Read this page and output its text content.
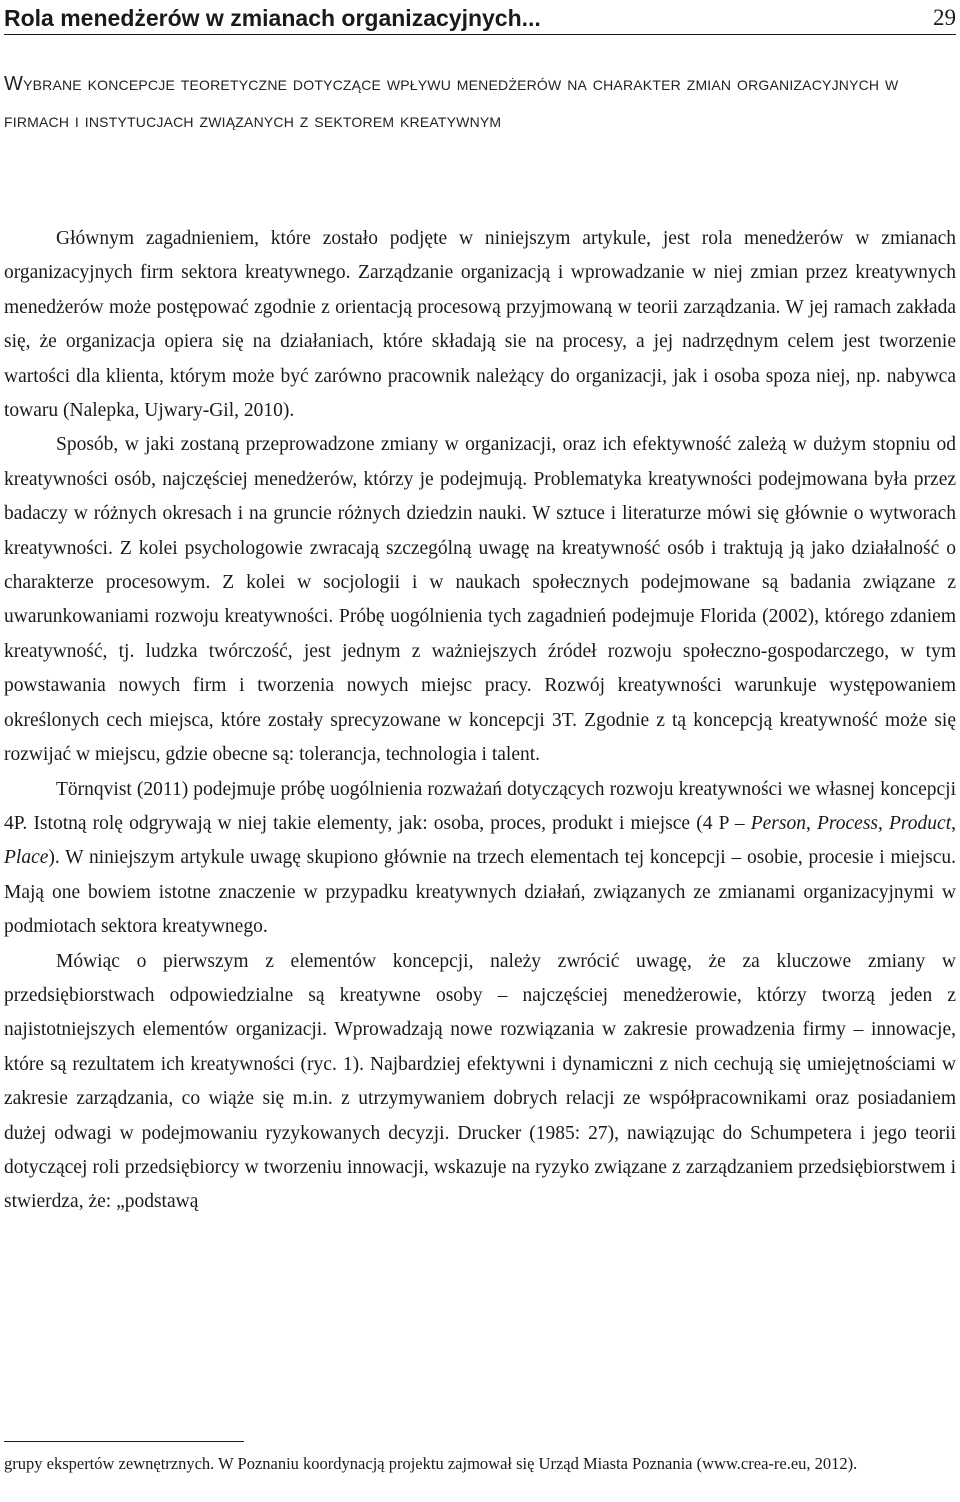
Rola menedżerów w zmianach organizacyjnych...	29
Wybrane koncepcje teoretyczne dotyczące wpływu menedżerów na charakter zmian organizacyjnych w firmach i instytucjach związanych z sektorem kreatywnym

Głównym zagadnieniem, które zostało podjęte w niniejszym artykule, jest rola menedżerów w zmianach organizacyjnych firm sektora kreatywnego. Zarządzanie organizacją i wprowadzanie w niej zmian przez kreatywnych menedżerów może postępować zgodnie z orientacją procesową przyjmowaną w teorii zarządzania. W jej ramach zakłada się, że organizacja opiera się na działaniach, które składają sie na procesy, a jej nadrzędnym celem jest tworzenie wartości dla klienta, którym może być zarówno pracownik należący do organizacji, jak i osoba spoza niej, np. nabywca towaru (Nalepka, Ujwary-Gil, 2010).

Sposób, w jaki zostaną przeprowadzone zmiany w organizacji, oraz ich efektywność zależą w dużym stopniu od kreatywności osób, najczęściej menedżerów, którzy je podejmują. Problematyka kreatywności podejmowana była przez badaczy w różnych okresach i na gruncie różnych dziedzin nauki. W sztuce i literaturze mówi się głównie o wytworach kreatywności. Z kolei psychologowie zwracają szczególną uwagę na kreatywność osób i traktują ją jako działalność o charakterze procesowym. Z kolei w socjologii i w naukach społecznych podejmowane są badania związane z uwarunkowaniami rozwoju kreatywności. Próbę uogólnienia tych zagadnień podejmuje Florida (2002), którego zdaniem kreatywność, tj. ludzka twórczość, jest jednym z ważniejszych źródeł rozwoju społeczno-gospodarczego, w tym powstawania nowych firm i tworzenia nowych miejsc pracy. Rozwój kreatywności warunkuje występowaniem określonych cech miejsca, które zostały sprecyzowane w koncepcji 3T. Zgodnie z tą koncepcją kreatywność może się rozwijać w miejscu, gdzie obecne są: tolerancja, technologia i talent.

Törnqvist (2011) podejmuje próbę uogólnienia rozważań dotyczących rozwoju kreatywności we własnej koncepcji 4P. Istotną rolę odgrywają w niej takie elementy, jak: osoba, proces, produkt i miejsce (4 P – Person, Process, Product, Place). W niniejszym artykule uwagę skupiono głównie na trzech elementach tej koncepcji – osobie, procesie i miejscu. Mają one bowiem istotne znaczenie w przypadku kreatywnych działań, związanych ze zmianami organizacyjnymi w podmiotach sektora kreatywnego.

Mówiąc o pierwszym z elementów koncepcji, należy zwrócić uwagę, że za kluczowe zmiany w przedsiębiorstwach odpowiedzialne są kreatywne osoby – najczęściej menedżerowie, którzy tworzą jeden z najistotniejszych elementów organizacji. Wprowadzają nowe rozwiązania w zakresie prowadzenia firmy – innowacje, które są rezultatem ich kreatywności (ryc. 1). Najbardziej efektywni i dynamiczni z nich cechują się umiejętnościami w zakresie zarządzania, co wiąże się m.in. z utrzymywaniem dobrych relacji ze współpracownikami oraz posiadaniem dużej odwagi w podejmowaniu ryzykowanych decyzji. Drucker (1985: 27), nawiązując do Schumpetera i jego teorii dotyczącej roli przedsiębiorcy w tworzeniu innowacji, wskazuje na ryzyko związane z zarządzaniem przedsiębiorstwem i stwierdza, że: „podstawą

grupy ekspertów zewnętrznych. W Poznaniu koordynacją projektu zajmował się Urząd Miasta Poznania (www.crea-re.eu, 2012).
